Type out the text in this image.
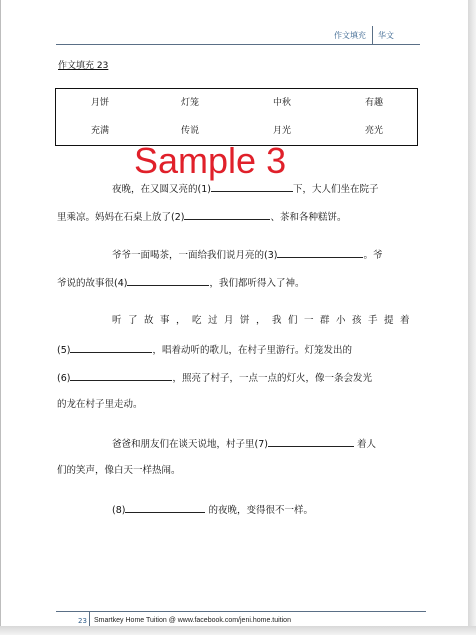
作文填充 华文
作文填充 23
月饼	灯笼	中秋	有趣
充满	传说	月光	亮光
夜晚，在又圆又亮的(1)	下，大人们坐在院子
里乘凉。妈妈在石桌上放了(2)	、茶和各种糕饼。
Sample 3
爷爷一面喝茶，一面给我们说月亮的(3)	。爷
爷说的故事很(4)	，我们都听得入了神。
听了故事，吃过月饼，我们一群小孩手提着
(5)	，唱着动听的歌儿，在村子里游行。灯笼发出的
(6)	，照亮了村子，一点一点的灯火，像一条会发光
的龙在村子里走动。
爸爸和朋友们在谈天说地，村子里(7)	着人
们的笑声，像白天一样热闹。
(8)	的夜晚，变得很不一样。
23 Smartkey Home Tuition @ www.facebook.com/jeni.home.tuition
